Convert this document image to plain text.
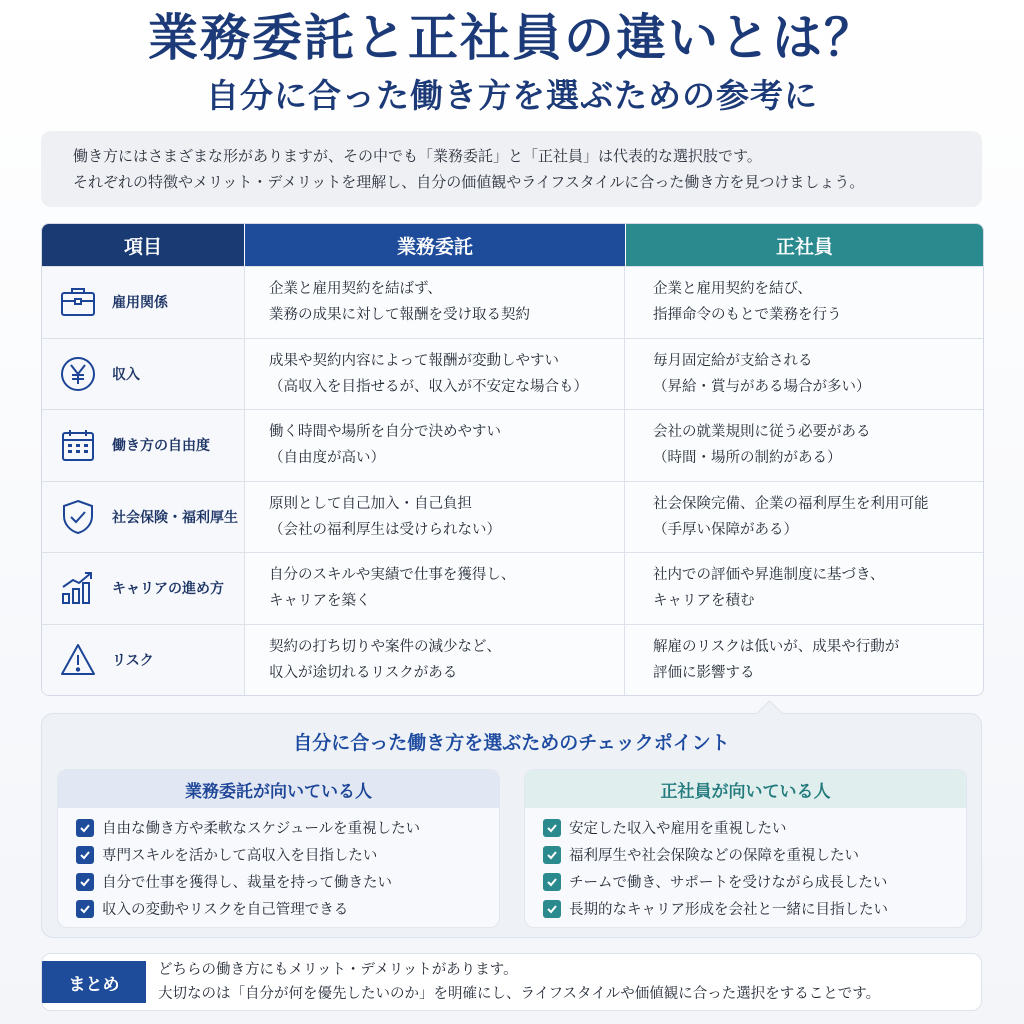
業務委託と正社員の違いとは？
自分に合った働き方を選ぶための参考に

働き方にはさまざまな形がありますが、その中でも「業務委託」と「正社員」は代表的な選択肢です。

それぞれの特徴やメリット・デメリットを理解し、自分の価値観やライフスタイルに合った働き方を見つけましょう。

項目	業務委託	正社員
雇用関係
企業と雇用契約を結ばず、
業務の成果に対して報酬を受け取る契約
企業と雇用契約を結び、
指揮命令のもとで業務を行う
収入
成果や契約内容によって報酬が変動しやすい
（高収入を目指せるが、収入が不安定な場合も）
毎月固定給が支給される
（昇給・賞与がある場合が多い）
働き方の自由度
働く時間や場所を自分で決めやすい
（自由度が高い）
会社の就業規則に従う必要がある
（時間・場所の制約がある）
社会保険・福利厚生
原則として自己加入・自己負担
（会社の福利厚生は受けられない）
社会保険完備、企業の福利厚生を利用可能
（手厚い保障がある）
キャリアの進め方
自分のスキルや実績で仕事を獲得し、
キャリアを築く
社内での評価や昇進制度に基づき、
キャリアを積む
リスク
契約の打ち切りや案件の減少など、
収入が途切れるリスクがある
解雇のリスクは低いが、成果や行動が
評価に影響する
自分に合った働き方を選ぶためのチェックポイント
業務委託が向いている人
自由な働き方や柔軟なスケジュールを重視したい
専門スキルを活かして高収入を目指したい
自分で仕事を獲得し、裁量を持って働きたい
収入の変動やリスクを自己管理できる
正社員が向いている人
安定した収入や雇用を重視したい
福利厚生や社会保険などの保障を重視したい
チームで働き、サポートを受けながら成長したい
長期的なキャリア形成を会社と一緒に目指したい
まとめ
どちらの働き方にもメリット・デメリットがあります。
大切なのは「自分が何を優先したいのか」を明確にし、ライフスタイルや価値観に合った選択をすることです。
